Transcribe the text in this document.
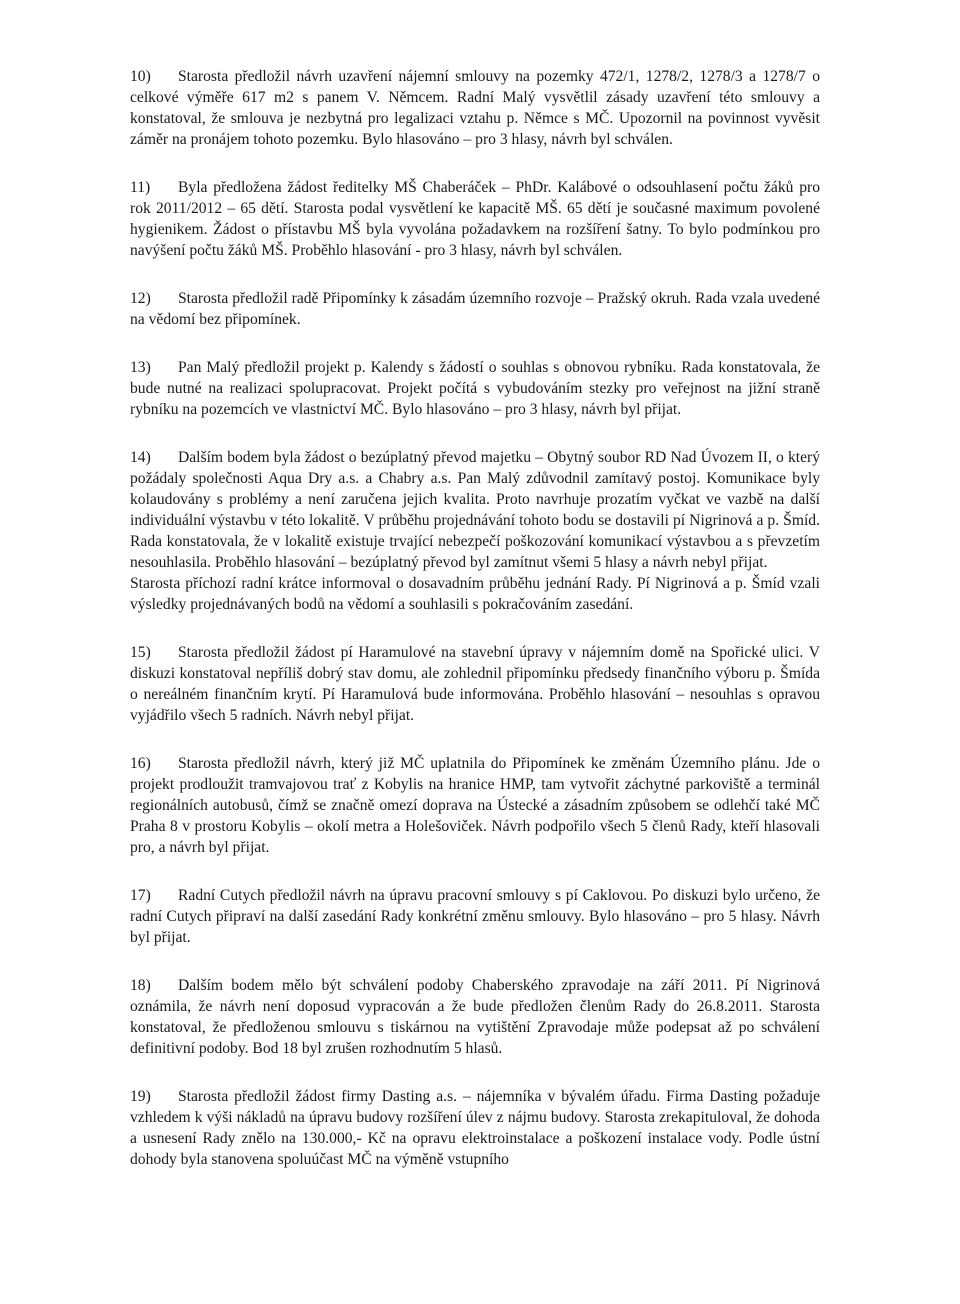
10) Starosta předložil návrh uzavření nájemní smlouvy na pozemky 472/1, 1278/2, 1278/3 a 1278/7 o celkové výměře 617 m2 s panem V. Němcem. Radní Malý vysvětlil zásady uzavření této smlouvy a konstatoval, že smlouva je nezbytná pro legalizaci vztahu p. Němce s MČ. Upozornil na povinnost vyvěsit záměr na pronájem tohoto pozemku. Bylo hlasováno – pro 3 hlasy, návrh byl schválen.

11) Byla předložena žádost ředitelky MŠ Chaberáček – PhDr. Kalábové o odsouhlasení počtu žáků pro rok 2011/2012 – 65 dětí. Starosta podal vysvětlení ke kapacitě MŠ. 65 dětí je současné maximum povolené hygienikem. Žádost o přístavbu MŠ byla vyvolána požadavkem na rozšíření šatny. To bylo podmínkou pro navýšení počtu žáků MŠ. Proběhlo hlasování - pro 3 hlasy, návrh byl schválen.

12) Starosta předložil radě Připomínky k zásadám územního rozvoje – Pražský okruh. Rada vzala uvedené na vědomí bez připomínek.

13) Pan Malý předložil projekt p. Kalendy s žádostí o souhlas s obnovou rybníku. Rada konstatovala, že bude nutné na realizaci spolupracovat. Projekt počítá s vybudováním stezky pro veřejnost na jižní straně rybníku na pozemcích ve vlastnictví MČ. Bylo hlasováno – pro 3 hlasy, návrh byl přijat.

14) Dalším bodem byla žádost o bezúplatný převod majetku – Obytný soubor RD Nad Úvozem II, o který požádaly společnosti Aqua Dry a.s. a Chabry a.s. Pan Malý zdůvodnil zamítavý postoj. Komunikace byly kolaudovány s problémy a není zaručena jejich kvalita. Proto navrhuje prozatím vyčkat ve vazbě na další individuální výstavbu v této lokalitě. V průběhu projednávání tohoto bodu se dostavili pí Nigrinová a p. Šmíd. Rada konstatovala, že v lokalitě existuje trvající nebezpečí poškozování komunikací výstavbou a s převzetím nesouhlasila. Proběhlo hlasování – bezúplatný převod byl zamítnut všemi 5 hlasy a návrh nebyl přijat.

Starosta příchozí radní krátce informoval o dosavadním průběhu jednání Rady. Pí Nigrinová a p. Šmíd vzali výsledky projednávaných bodů na vědomí a souhlasili s pokračováním zasedání.

15) Starosta předložil žádost pí Haramulové na stavební úpravy v nájemním domě na Spořické ulici. V diskuzi konstatoval nepříliš dobrý stav domu, ale zohlednil připomínku předsedy finančního výboru p. Šmída o nereálném finančním krytí. Pí Haramulová bude informována. Proběhlo hlasování – nesouhlas s opravou vyjádřilo všech 5 radních. Návrh nebyl přijat.

16) Starosta předložil návrh, který již MČ uplatnila do Připomínek ke změnám Územního plánu. Jde o projekt prodloužit tramvajovou trať z Kobylis na hranice HMP, tam vytvořit záchytné parkoviště a terminál regionálních autobusů, čímž se značně omezí doprava na Ústecké a zásadním způsobem se odlehčí také MČ Praha 8 v prostoru Kobylis – okolí metra a Holešoviček. Návrh podpořilo všech 5 členů Rady, kteří hlasovali pro, a návrh byl přijat.

17) Radní Cutych předložil návrh na úpravu pracovní smlouvy s pí Caklovou. Po diskuzi bylo určeno, že radní Cutych připraví na další zasedání Rady konkrétní změnu smlouvy. Bylo hlasováno – pro 5 hlasy. Návrh byl přijat.

18) Dalším bodem mělo být schválení podoby Chaberského zpravodaje na září 2011. Pí Nigrinová oznámila, že návrh není doposud vypracován a že bude předložen členům Rady do 26.8.2011. Starosta konstatoval, že předloženou smlouvu s tiskárnou na vytištění Zpravodaje může podepsat až po schválení definitivní podoby. Bod 18 byl zrušen rozhodnutím 5 hlasů.

19) Starosta předložil žádost firmy Dasting a.s. – nájemníka v bývalém úřadu. Firma Dasting požaduje vzhledem k výši nákladů na úpravu budovy rozšíření úlev z nájmu budovy. Starosta zrekapituloval, že dohoda a usnesení Rady znělo na 130.000,- Kč na opravu elektroinstalace a poškození instalace vody. Podle ústní dohody byla stanovena spoluúčast MČ na výměně vstupního
